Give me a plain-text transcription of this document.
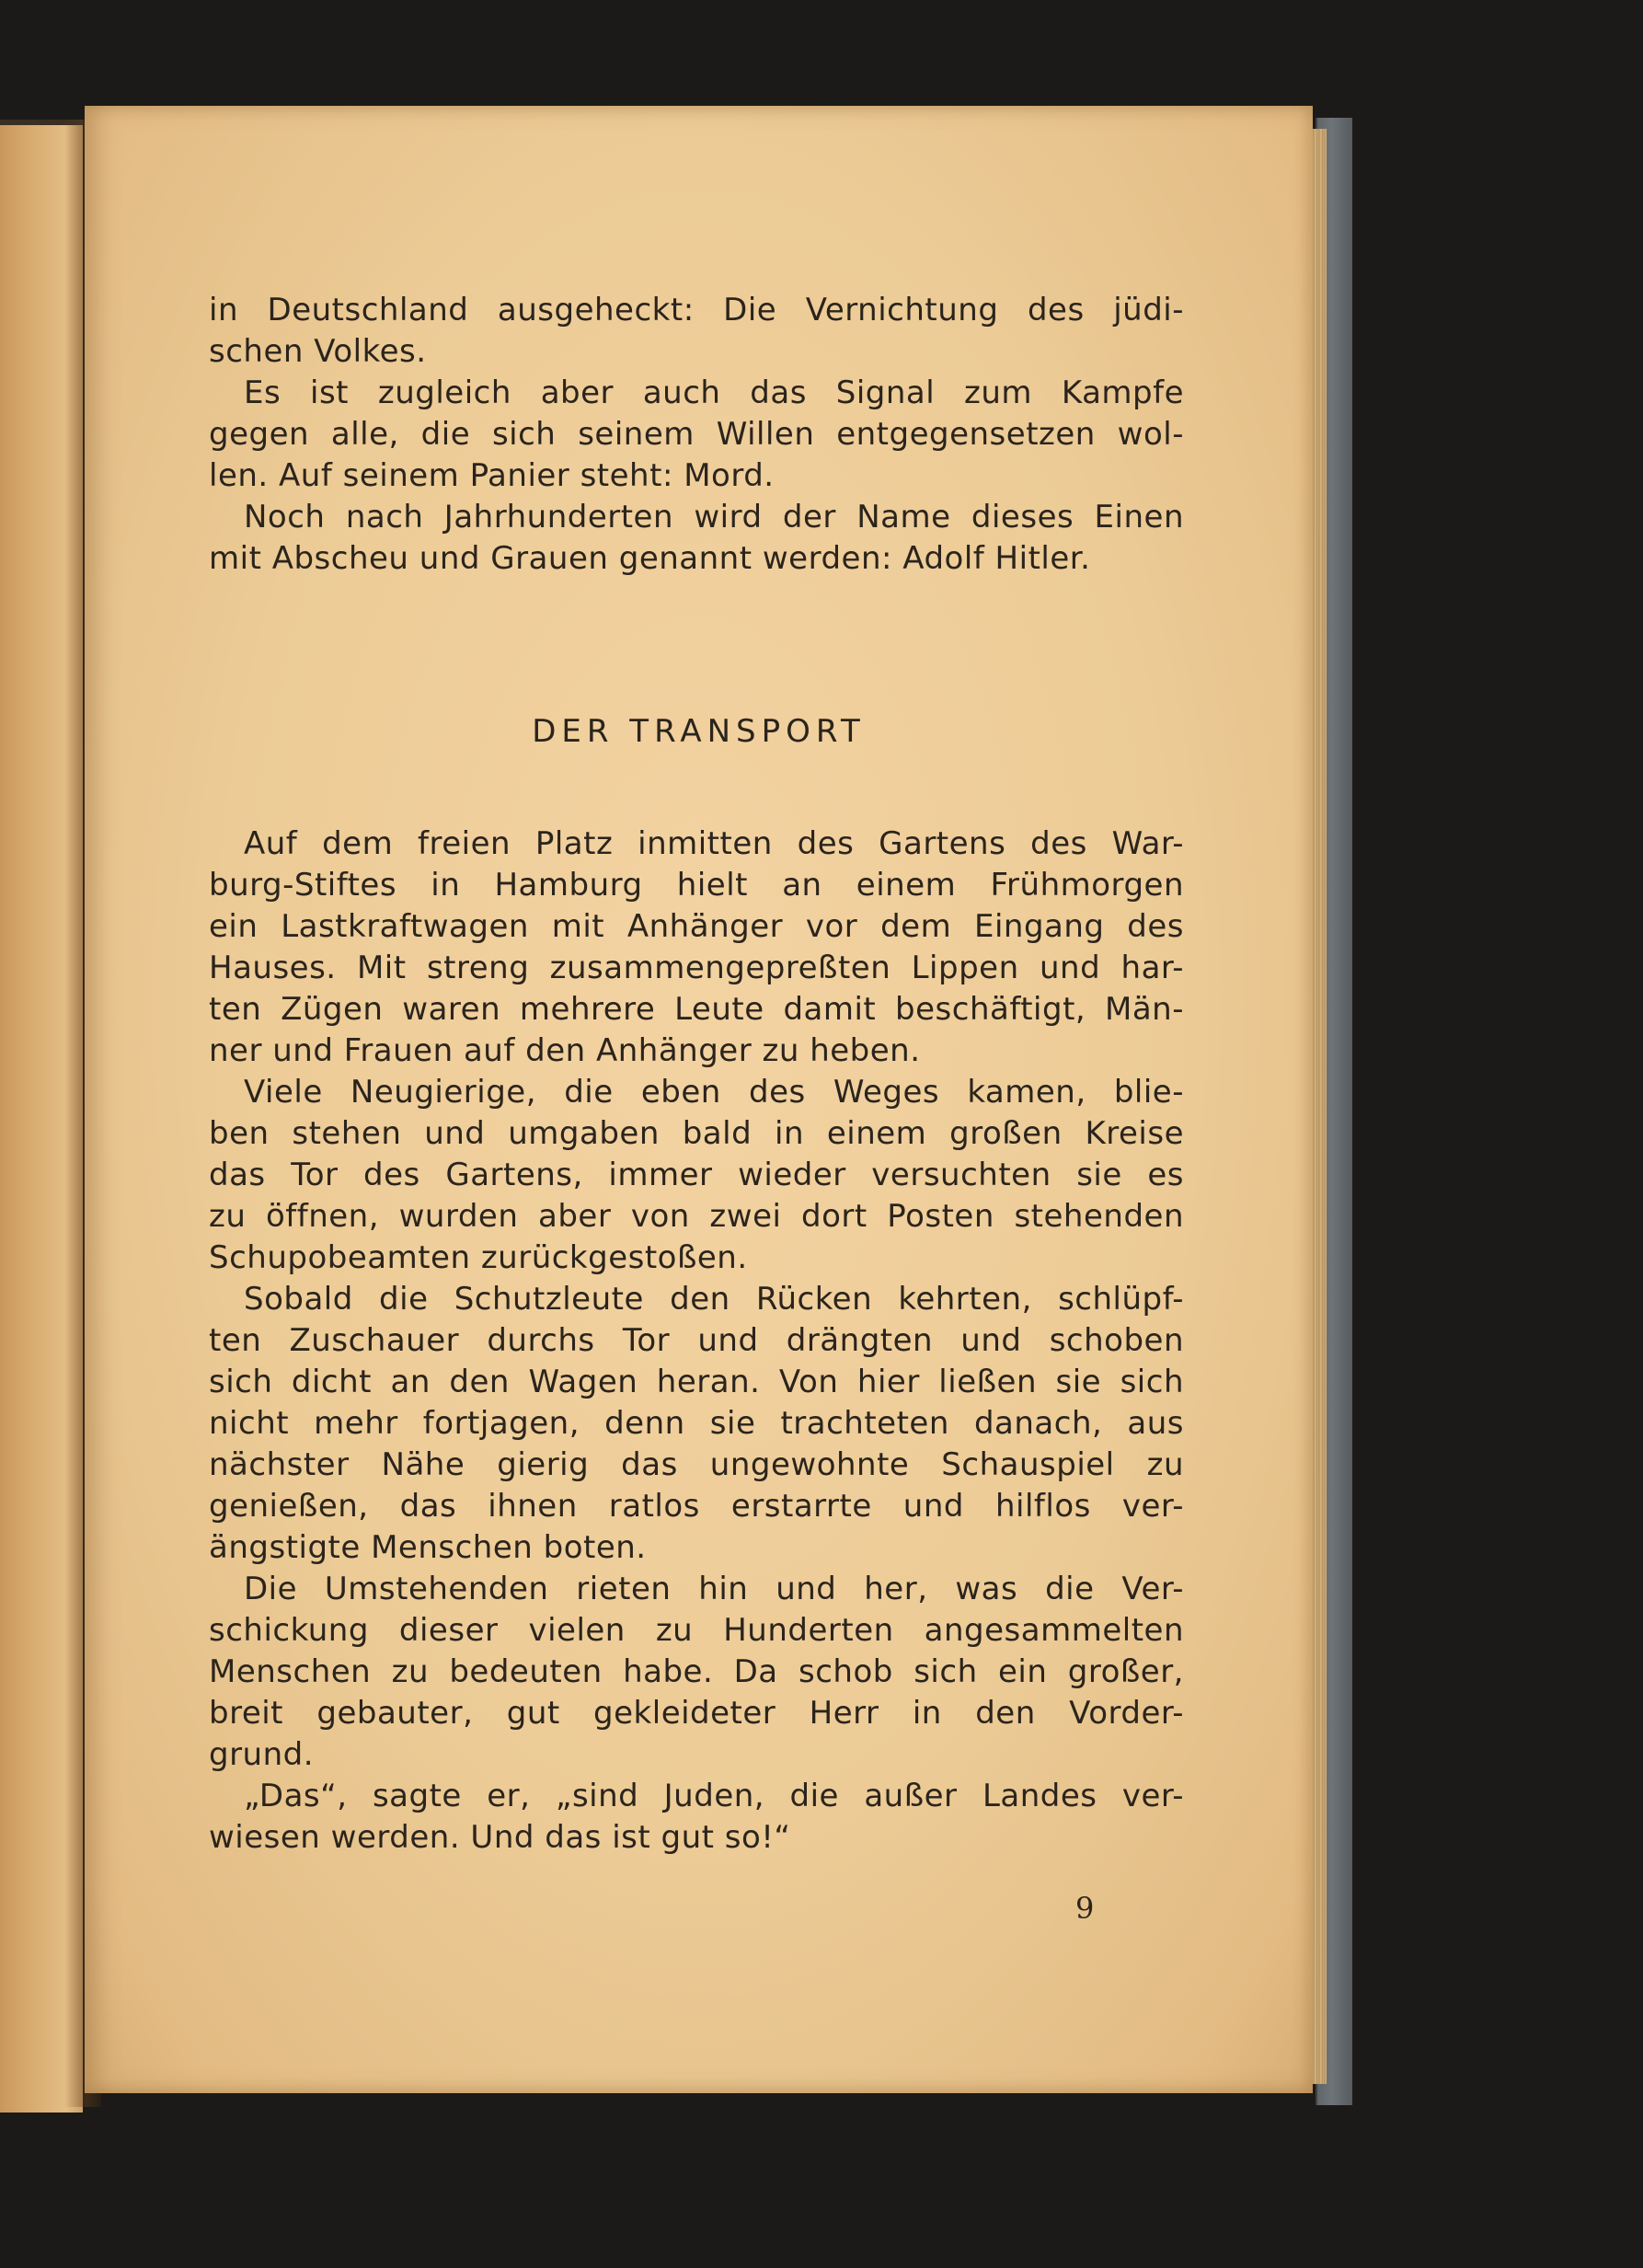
in Deutschland ausgeheckt: Die Vernichtung des jüdi-

schen Volkes.

Es ist zugleich aber auch das Signal zum Kampfe

gegen alle, die sich seinem Willen entgegensetzen wol-

len. Auf seinem Panier steht: Mord.

Noch nach Jahrhunderten wird der Name dieses Einen

mit Abscheu und Grauen genannt werden: Adolf Hitler.

DER TRANSPORT

Auf dem freien Platz inmitten des Gartens des War-

burg-Stiftes in Hamburg hielt an einem Frühmorgen

ein Lastkraftwagen mit Anhänger vor dem Eingang des

Hauses. Mit streng zusammengepreßten Lippen und har-

ten Zügen waren mehrere Leute damit beschäftigt, Män-

ner und Frauen auf den Anhänger zu heben.

Viele Neugierige, die eben des Weges kamen, blie-

ben stehen und umgaben bald in einem großen Kreise

das Tor des Gartens, immer wieder versuchten sie es

zu öffnen, wurden aber von zwei dort Posten stehenden

Schupobeamten zurückgestoßen.

Sobald die Schutzleute den Rücken kehrten, schlüpf-

ten Zuschauer durchs Tor und drängten und schoben

sich dicht an den Wagen heran. Von hier ließen sie sich

nicht mehr fortjagen, denn sie trachteten danach, aus

nächster Nähe gierig das ungewohnte Schauspiel zu

genießen, das ihnen ratlos erstarrte und hilflos ver-

ängstigte Menschen boten.

Die Umstehenden rieten hin und her, was die Ver-

schickung dieser vielen zu Hunderten angesammelten

Menschen zu bedeuten habe. Da schob sich ein großer,

breit gebauter, gut gekleideter Herr in den Vorder-

grund.

„Das“, sagte er, „sind Juden, die außer Landes ver-

wiesen werden. Und das ist gut so!“

9
